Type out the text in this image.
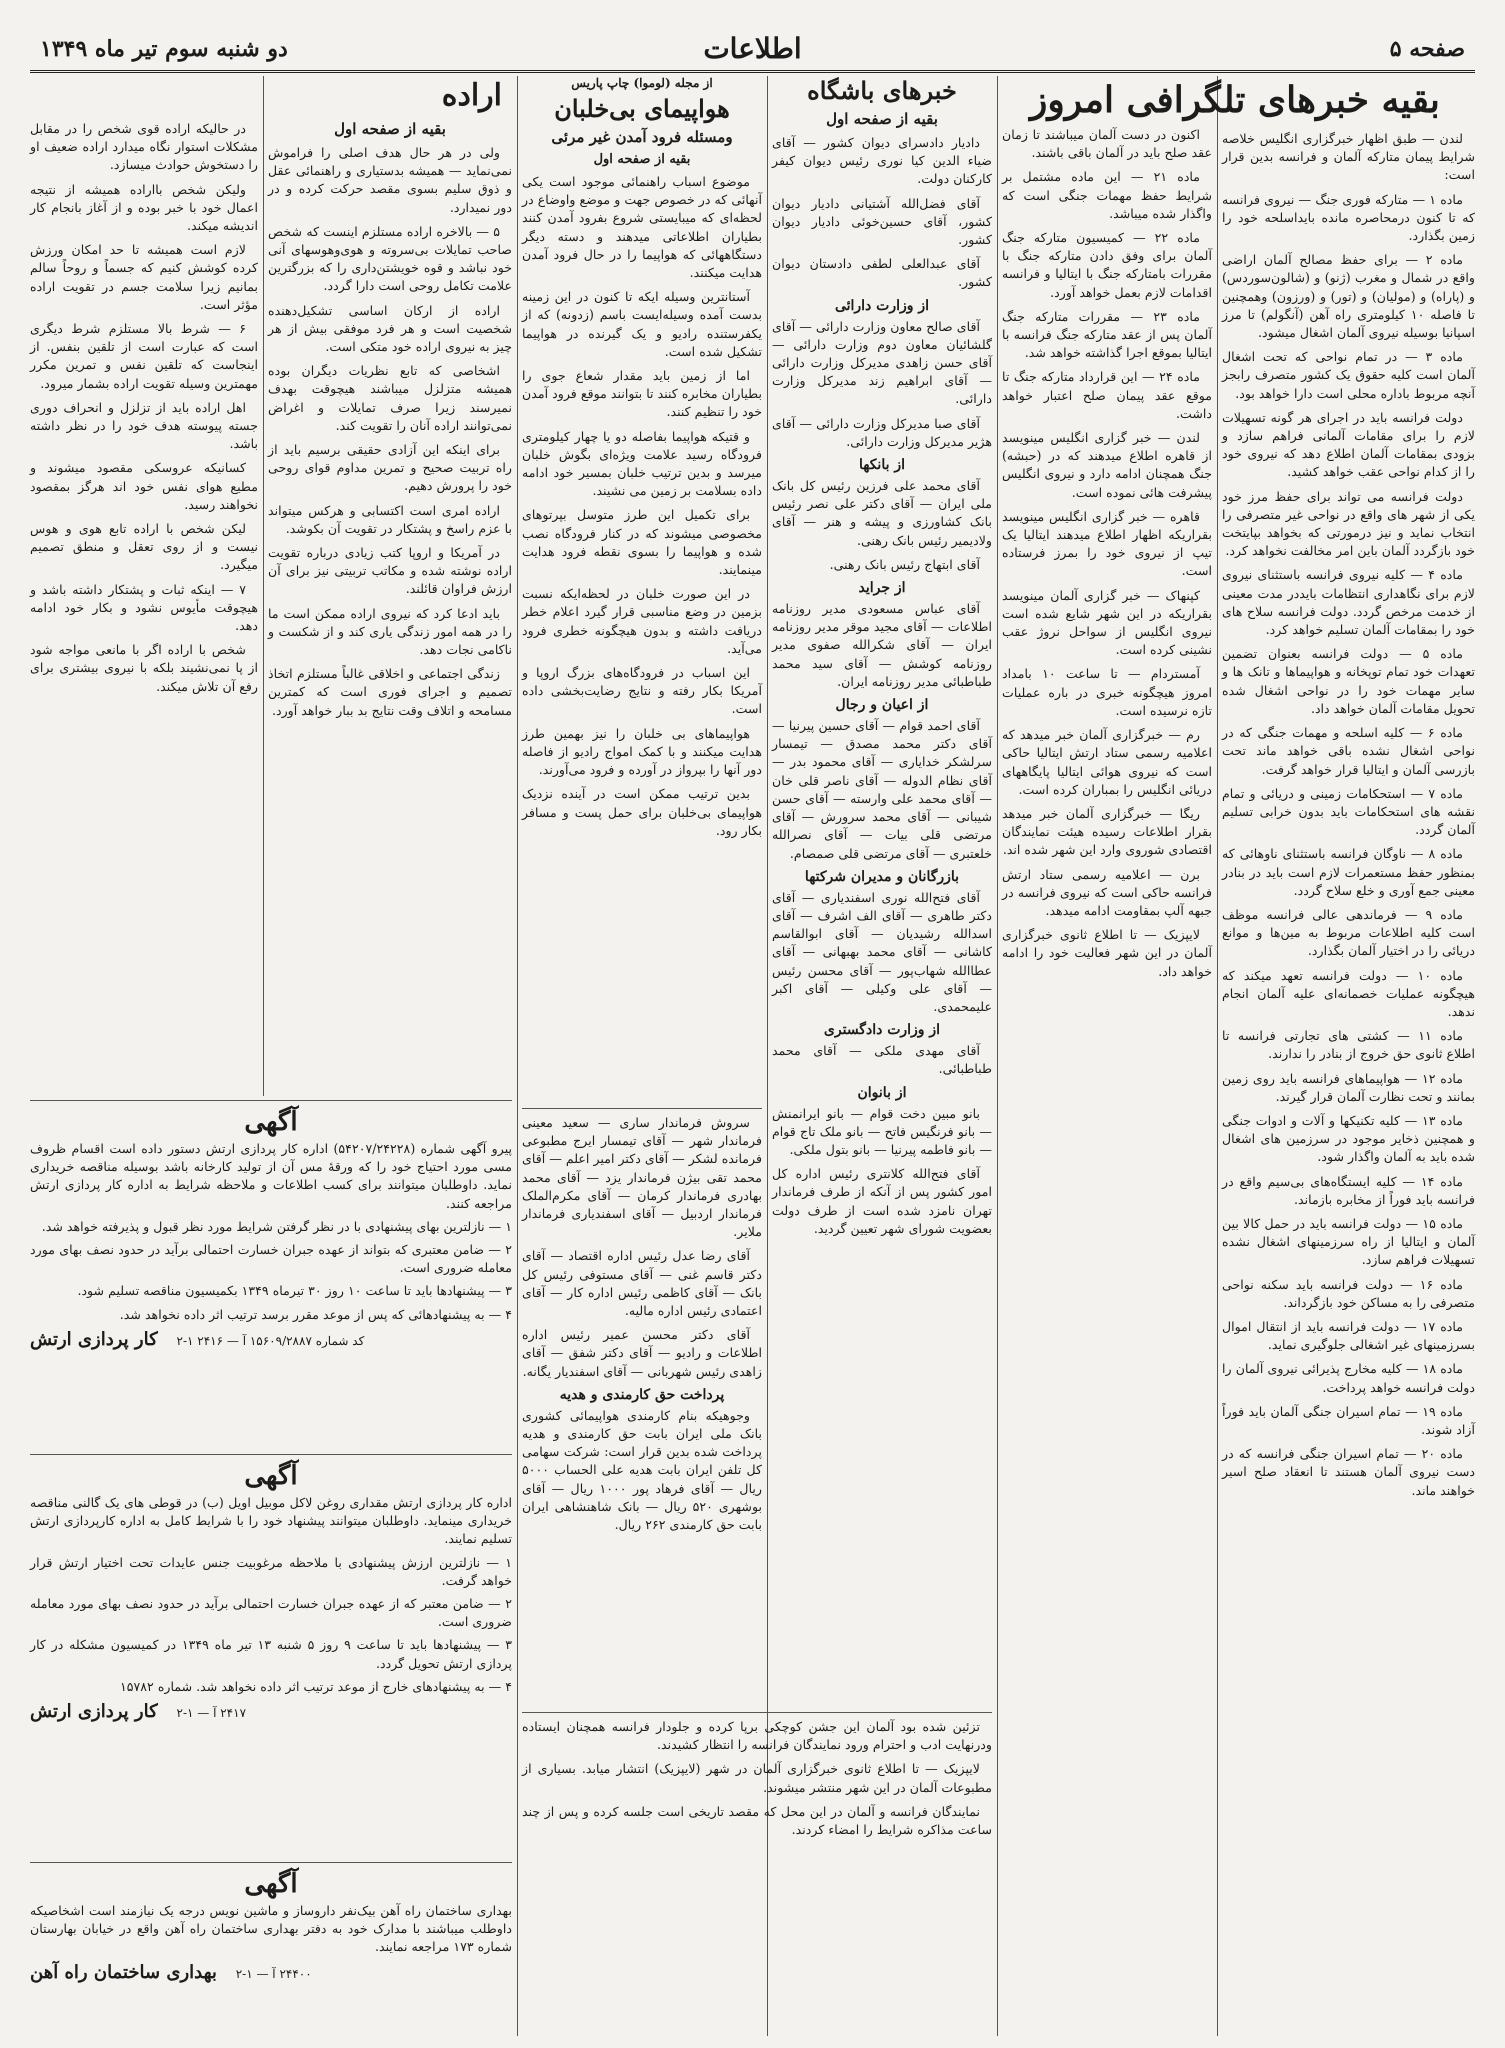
صفحه ۵
اطلاعات
دو شنبه سوم تیر ماه ۱۳۴۹
بقیه خبرهای تلگرافی امروز

لندن — طبق اظهار خبرگزاری انگلیس خلاصه شرایط پیمان متارکه آلمان و فرانسه بدین قرار است:

ماده ۱ — متارکه فوری جنگ — نیروی فرانسه که تا کنون درمحاصره مانده بایداسلحه خود را زمین بگذارد.

ماده ۲ — برای حفظ مصالح آلمان اراضی واقع در شمال و مغرب (ژنو) و (شالون‌سوردس) و (پاراه) و (مولیان) و (تور) و (ورزون) وهمچنین تا فاصله ۱۰ کیلومتری راه آهن (آنگولم) تا مرز اسپانیا بوسیله نیروی آلمان اشغال میشود.

ماده ۳ — در تمام نواحی که تحت اشغال آلمان است کلیه حقوق یک کشور متصرف رابجز آنچه مربوط باداره محلی است دارا خواهد بود.

دولت فرانسه باید در اجرای هر گونه تسهیلات لازم را برای مقامات آلمانی فراهم سازد و بزودی بمقامات آلمان اطلاع دهد که نیروی خود را از کدام نواحی عقب خواهد کشید.

دولت فرانسه می تواند برای حفظ مرز خود یکی از شهر های واقع در نواحی غیر متصرفی را انتخاب نماید و نیز درمورتی که بخواهد بپایتخت خود بازگردد آلمان باین امر مخالفت نخواهد کرد.

ماده ۴ — کلیه نیروی فرانسه باستثنای نیروی لازم برای نگاهداری انتظامات بایددر مدت معینی از خدمت مرخص گردد. دولت فرانسه سلاح های خود را بمقامات آلمان تسلیم خواهد کرد.

ماده ۵ — دولت فرانسه بعنوان تضمین تعهدات خود تمام توپخانه و هواپیماها و تانک ها و سایر مهمات خود را در نواحی اشغال شده تحویل مقامات آلمان خواهد داد.

ماده ۶ — کلیه اسلحه و مهمات جنگی که در نواحی اشغال نشده باقی خواهد ماند تحت بازرسی آلمان و ایتالیا قرار خواهد گرفت.

ماده ۷ — استحکامات زمینی و دریائی و تمام نقشه های استحکامات باید بدون خرابی تسلیم آلمان گردد.

ماده ۸ — ناوگان فرانسه باستثنای ناوهائی که بمنظور حفظ مستعمرات لازم است باید در بنادر معینی جمع آوری و خلع سلاح گردد.

ماده ۹ — فرماندهی عالی فرانسه موظف است کلیه اطلاعات مربوط به مین‌ها و موانع دریائی را در اختیار آلمان بگذارد.

ماده ۱۰ — دولت فرانسه تعهد میکند که هیچگونه عملیات خصمانه‌ای علیه آلمان انجام ندهد.

ماده ۱۱ — کشتی های تجارتی فرانسه تا اطلاع ثانوی حق خروج از بنادر را ندارند.

ماده ۱۲ — هواپیماهای فرانسه باید روی زمین بمانند و تحت نظارت آلمان قرار گیرند.

ماده ۱۳ — کلیه تکنیکها و آلات و ادوات جنگی و همچنین ذخایر موجود در سرزمین های اشغال شده باید به آلمان واگذار شود.

ماده ۱۴ — کلیه ایستگاه‌های بی‌سیم واقع در فرانسه باید فوراً از مخابره بازماند.

ماده ۱۵ — دولت فرانسه باید در حمل کالا بین آلمان و ایتالیا از راه سرزمینهای اشغال نشده تسهیلات فراهم سازد.

ماده ۱۶ — دولت فرانسه باید سکنه نواحی متصرفی را به مساکن خود بازگرداند.

ماده ۱۷ — دولت فرانسه باید از انتقال اموال بسرزمینهای غیر اشغالی جلوگیری نماید.

ماده ۱۸ — کلیه مخارج پذیرائی نیروی آلمان را دولت فرانسه خواهد پرداخت.

ماده ۱۹ — تمام اسیران جنگی آلمان باید فوراً آزاد شوند.

ماده ۲۰ — تمام اسیران جنگی فرانسه که در دست نیروی آلمان هستند تا انعقاد صلح اسیر خواهند ماند.

اکنون در دست آلمان میباشند تا زمان عقد صلح باید در آلمان باقی باشند.

ماده ۲۱ — این ماده مشتمل بر شرایط حفظ مهمات جنگی است که واگذار شده میباشد.

ماده ۲۲ — کمیسیون متارکه جنگ آلمان برای وفق دادن متارکه جنگ با مقررات بامتارکه جنگ با ایتالیا و فرانسه اقدامات لازم بعمل خواهد آورد.

ماده ۲۳ — مقررات متارکه جنگ آلمان پس از عقد متارکه جنگ فرانسه با ایتالیا بموقع اجرا گذاشته خواهد شد.

ماده ۲۴ — این قرارداد متارکه جنگ تا موقع عقد پیمان صلح اعتبار خواهد داشت.

لندن — خبر گزاری انگلیس مینویسد از قاهره اطلاع میدهند که در (حبشه) جنگ همچنان ادامه دارد و نیروی انگلیس پیشرفت هائی نموده است.

قاهره — خبر گزاری انگلیس مینویسد بقراریکه اظهار اطلاع میدهند ایتالیا یک تیپ از نیروی خود را بمرز فرستاده است.

کپنهاک — خبر گزاری آلمان مینویسد بقراریکه در این شهر شایع شده است نیروی انگلیس از سواحل نروژ عقب نشینی کرده است.

آمستردام — تا ساعت ۱۰ بامداد امروز هیچگونه خبری در باره عملیات تازه نرسیده است.

رم — خبرگزاری آلمان خبر میدهد که اعلامیه رسمی ستاد ارتش ایتالیا حاکی است که نیروی هوائی ایتالیا پایگاههای دریائی انگلیس را بمباران کرده است.

ریگا — خبرگزاری آلمان خبر میدهد بقرار اطلاعات رسیده هیئت نمایندگان اقتصادی شوروی وارد این شهر شده اند.

برن — اعلامیه رسمی ستاد ارتش فرانسه حاکی است که نیروی فرانسه در جبهه آلپ بمقاومت ادامه میدهد.

لایپزیک — تا اطلاع ثانوی خبرگزاری آلمان در این شهر فعالیت خود را ادامه خواهد داد.

خبرهای باشگاه
بقیه از صفحه اول

دادیار دادسرای دیوان کشور — آقای ضیاء الدین کیا نوری رئیس دیوان کیفر کارکنان دولت.

آقای فضل‌الله آشتیانی دادیار دیوان کشور، آقای حسین‌خوئی دادیار دیوان کشور.

آقای عبدالعلی لطفی دادستان دیوان کشور.

از وزارت دارائی

آقای صالح معاون وزارت دارائی — آقای گلشائیان معاون دوم وزارت دارائی — آقای حسن زاهدی مدیرکل وزارت دارائی — آقای ابراهیم زند مدیرکل وزارت دارائی.

آقای صبا مدیرکل وزارت دارائی — آقای هژیر مدیرکل وزارت دارائی.

از بانکها

آقای محمد علی فرزین رئیس کل بانک ملی ایران — آقای دکتر علی نصر رئیس بانک کشاورزی و پیشه و هنر — آقای ولادیمیر رئیس بانک رهنی.

آقای ابتهاج رئیس بانک رهنی.

از جراید

آقای عباس مسعودی مدیر روزنامه اطلاعات — آقای مجید موقر مدیر روزنامه ایران — آقای شکرالله صفوی مدیر روزنامه کوشش — آقای سید محمد طباطبائی مدیر روزنامه ایران.

از اعیان و رجال

آقای احمد قوام — آقای حسین پیرنیا — آقای دکتر محمد مصدق — تیمسار سرلشکر خدایاری — آقای محمود بدر — آقای نظام الدوله — آقای ناصر قلی خان — آقای محمد علی وارسته — آقای حسن شیبانی — آقای محمد سرورش — آقای مرتضی قلی بیات — آقای نصرالله خلعتبری — آقای مرتضی قلی صمصام.

بازرگانان و مدیران شرکتها

آقای فتح‌الله نوری اسفندیاری — آقای دکتر طاهری — آقای الف اشرف — آقای اسدالله رشیدیان — آقای ابوالقاسم کاشانی — آقای محمد بهبهانی — آقای عطاالله شهاب‌پور — آقای محسن رئیس — آقای علی وکیلی — آقای اکبر علیمحمدی.

از وزارت دادگستری

آقای مهدی ملکی — آقای محمد طباطبائی.

از بانوان

بانو مبین دخت قوام — بانو ایرانمنش — بانو فرنگیس فاتح — بانو ملک تاج قوام — بانو فاطمه پیرنیا — بانو بتول ملکی.

آقای فتح‌الله کلانتری رئیس اداره کل امور کشور پس از آنکه از طرف فرماندار تهران نامزد شده است از طرف دولت بعضویت شورای شهر تعیین گردید.

از مجله (لوموا) چاپ پاریس
هواپیمای بی‌خلبان
ومسئله فرود آمدن غیر مرئی
بقیه از صفحه اول

موضوع اسباب راهنمائی موجود است یکی آنهائی که در خصوص جهت و موضع واوضاع در لحظه‌ای که میبایستی شروع بفرود آمدن کنند بطیاران اطلاعاتی میدهند و دسته دیگر دستگاههائی که هواپیما را در حال فرود آمدن هدایت میکنند.

آستانترین وسیله ایکه تا کنون در این زمینه بدست آمده وسیله‌ایست باسم (زدونه) که از یکفرستنده رادیو و یک گیرنده در هواپیما تشکیل شده است.

اما از زمین باید مقدار شعاع جوی را بطیاران مخابره کنند تا بتوانند موقع فرود آمدن خود را تنظیم کنند.

و قتیکه هواپیما بفاصله دو یا چهار کیلومتری فرودگاه رسید علامت ویژه‌ای بگوش خلبان میرسد و بدین ترتیب خلبان بمسیر خود ادامه داده بسلامت بر زمین می نشیند.

برای تکمیل این طرز متوسل بپرتوهای مخصوصی میشوند که در کنار فرودگاه نصب شده و هواپیما را بسوی نقطه فرود هدایت مینمایند.

در این صورت خلبان در لحظه‌ایکه نسبت بزمین در وضع مناسبی قرار گیرد اعلام خطر دریافت داشته و بدون هیچگونه خطری فرود می‌آید.

این اسباب در فرودگاه‌های بزرگ اروپا و آمریکا بکار رفته و نتایج رضایت‌بخشی داده است.

هواپیماهای بی خلبان را نیز بهمین طرز هدایت میکنند و با کمک امواج رادیو از فاصله دور آنها را بپرواز در آورده و فرود می‌آورند.

بدین ترتیب ممکن است در آینده نزدیک هواپیمای بی‌خلبان برای حمل پست و مسافر بکار رود.

سروش فرماندار ساری — سعید معینی فرماندار شهر — آقای تیمسار ایرج مطبوعی فرمانده لشکر — آقای دکتر امیر اعلم — آقای محمد تقی بیژن فرماندار یزد — آقای محمد بهادری فرماندار کرمان — آقای مکرم‌الملک فرماندار اردبیل — آقای اسفندیاری فرماندار ملایر.

آقای رضا عدل رئیس اداره اقتصاد — آقای دکتر قاسم غنی — آقای مستوفی رئیس کل بانک — آقای کاظمی رئیس اداره کار — آقای اعتمادی رئیس اداره مالیه.

آقای دکتر محسن عمیر رئیس اداره اطلاعات و رادیو — آقای دکتر شفق — آقای زاهدی رئیس شهربانی — آقای اسفندیار یگانه.

پرداخت حق کارمندی و هدیه

وجوهیکه بنام کارمندی هواپیمائی کشوری بانک ملی ایران بابت حق کارمندی و هدیه پرداخت شده بدین قرار است: شرکت سهامی کل تلفن ایران بابت هدیه علی الحساب ۵۰۰۰ ریال — آقای فرهاد پور ۱۰۰۰ ریال — آقای بوشهری ۵۲۰ ریال — بانک شاهنشاهی ایران بابت حق کارمندی ۲۶۲ ریال.

تزئین شده بود آلمان این جشن کوچکی برپا کرده و جلودار فرانسه همچنان ایستاده ودرنهایت ادب و احترام ورود نمایندگان فرانسه را انتظار کشیدند.

لایپزیک — تا اطلاع ثانوی خبرگزاری آلمان در شهر (لایپزیک) انتشار میابد. بسیاری از مطبوعات آلمان در این شهر منتشر میشوند.

نمایندگان فرانسه و آلمان در این محل که مقصد تاریخی است جلسه کرده و پس از چند ساعت مذاکره شرایط را امضاء کردند.

اراده
بقیه از صفحه اول

ولی در هر حال هدف اصلی را فراموش نمی‌نماید — همیشه بدستیاری و راهنمائی عقل و ذوق سلیم بسوی مقصد حرکت کرده و در دور نمیدارد.

۵ — بالاخره اراده مستلزم اینست که شخص صاحب تمایلات بی‌سرو‌ته و هوی‌وهوسهای آنی خود نباشد و قوه خویشتن‌داری را که بزرگترین علامت تکامل روحی است دارا گردد.

اراده از ارکان اساسی تشکیل‌دهنده شخصیت است و هر فرد موفقی بیش از هر چیز به نیروی اراده خود متکی است.

اشخاصی که تابع نظریات دیگران بوده همیشه متزلزل میباشند هیچوقت بهدف نمیرسند زیرا صرف تمایلات و اغراض نمی‌توانند اراده آنان را تقویت کند.

برای اینکه این آزادی حقیقی برسیم باید از راه تربیت صحیح و تمرین مداوم قوای روحی خود را پرورش دهیم.

اراده امری است اکتسابی و هرکس میتواند با عزم راسخ و پشتکار در تقویت آن بکوشد.

در آمریکا و اروپا کتب زیادی درباره تقویت اراده نوشته شده و مکاتب تربیتی نیز برای آن ارزش فراوان قائلند.

باید ادعا کرد که نیروی اراده ممکن است ما را در همه امور زندگی یاری کند و از شکست و ناکامی نجات دهد.

زندگی اجتماعی و اخلاقی غالباً مستلزم اتخاذ تصمیم و اجرای فوری است که کمترین مسامحه و اتلاف وقت نتایج بد ببار خواهد آورد.

در حالیکه اراده قوی شخص را در مقابل مشکلات استوار نگاه میدارد اراده ضعیف او را دستخوش حوادث میسازد.

ولیکن شخص بااراده همیشه از نتیجه اعمال خود با خبر بوده و از آغاز بانجام کار اندیشه میکند.

لازم است همیشه تا حد امکان ورزش کرده کوشش کنیم که جسماً و روحاً سالم بمانیم زیرا سلامت جسم در تقویت اراده مؤثر است.

۶ — شرط بالا مستلزم شرط دیگری است که عبارت است از تلقین بنفس. از اینجاست که تلقین نفس و تمرین مکرر مهمترین وسیله تقویت اراده بشمار میرود.

اهل اراده باید از تزلزل و انحراف دوری جسته پیوسته هدف خود را در نظر داشته باشد.

کسانیکه عروسکی مقصود میشوند و مطیع هوای نفس خود اند هرگز بمقصود نخواهند رسید.

لیکن شخص با اراده تابع هوی و هوس نیست و از روی تعقل و منطق تصمیم میگیرد.

۷ — اینکه ثبات و پشتکار داشته باشد و هیچوقت مأیوس نشود و بکار خود ادامه دهد.

شخص با اراده اگر با مانعی مواجه شود از پا نمی‌نشیند بلکه با نیروی بیشتری برای رفع آن تلاش میکند.

آگهی

پیرو آگهی شماره (۵۴۲۰۷/۲۴۲۲۸) اداره کار پردازی ارتش دستور داده است اقسام ظروف مسی مورد احتیاج خود را که ورقهٔ مس آن از تولید کارخانه باشد بوسیله مناقصه خریداری نماید. داوطلبان میتوانند برای کسب اطلاعات و ملاحظه شرایط به اداره کار پردازی ارتش مراجعه کنند.

۱ — نازلترین بهای پیشنهادی با در نظر گرفتن شرایط مورد نظر قبول و پذیرفته خواهد شد.

۲ — ضامن معتبری که بتواند از عهده جبران خسارت احتمالی برآید در حدود نصف بهای مورد معامله ضروری است.

۳ — پیشنهادها باید تا ساعت ۱۰ روز ۳۰ تیرماه ۱۳۴۹ بکمیسیون مناقصه تسلیم شود.

۴ — به پیشنهادهائی که پس از موعد مقرر برسد ترتیب اثر داده نخواهد شد.

کد شماره ۱۵۶۰۹/۲۸۸۷ آ — ۲۴۱۶ ۱-۲   کار پردازی ارتش
آگهی

اداره کار پردازی ارتش مقداری روغن لاکل موبیل اویل (ب) در قوطی های یک گالنی مناقصه خریداری مینماید. داوطلبان میتوانند پیشنهاد خود را با شرایط کامل به اداره کارپردازی ارتش تسلیم نمایند.

۱ — نازلترین ارزش پیشنهادی با ملاحظه مرغوبیت جنس عایدات تحت اختیار ارتش قرار خواهد گرفت.

۲ — ضامن معتبر که از عهده جبران خسارت احتمالی برآید در حدود نصف بهای مورد معامله ضروری است.

۳ — پیشنهادها باید تا ساعت ۹ روز ۵ شنبه ۱۳ تیر ماه ۱۳۴۹ در کمیسیون مشکله در کار پردازی ارتش تحویل گردد.

۴ — به پیشنهادهای خارج از موعد ترتیب اثر داده نخواهد شد. شماره ۱۵۷۸۲

۲۴۱۷ آ — ۱-۲   کار پردازی ارتش
آگهی

بهداری ساختمان راه آهن بیک‌نفر دارو‌ساز و ماشین نویس درجه یک نیازمند است اشخاصیکه داوطلب میباشند با مدارک خود به دفتر بهداری ساختمان راه آهن واقع در خیابان بهارستان شماره ۱۷۳ مراجعه نمایند.

۲۴۴۰۰ آ — ۱-۲   بهداری ساختمان راه آهن
